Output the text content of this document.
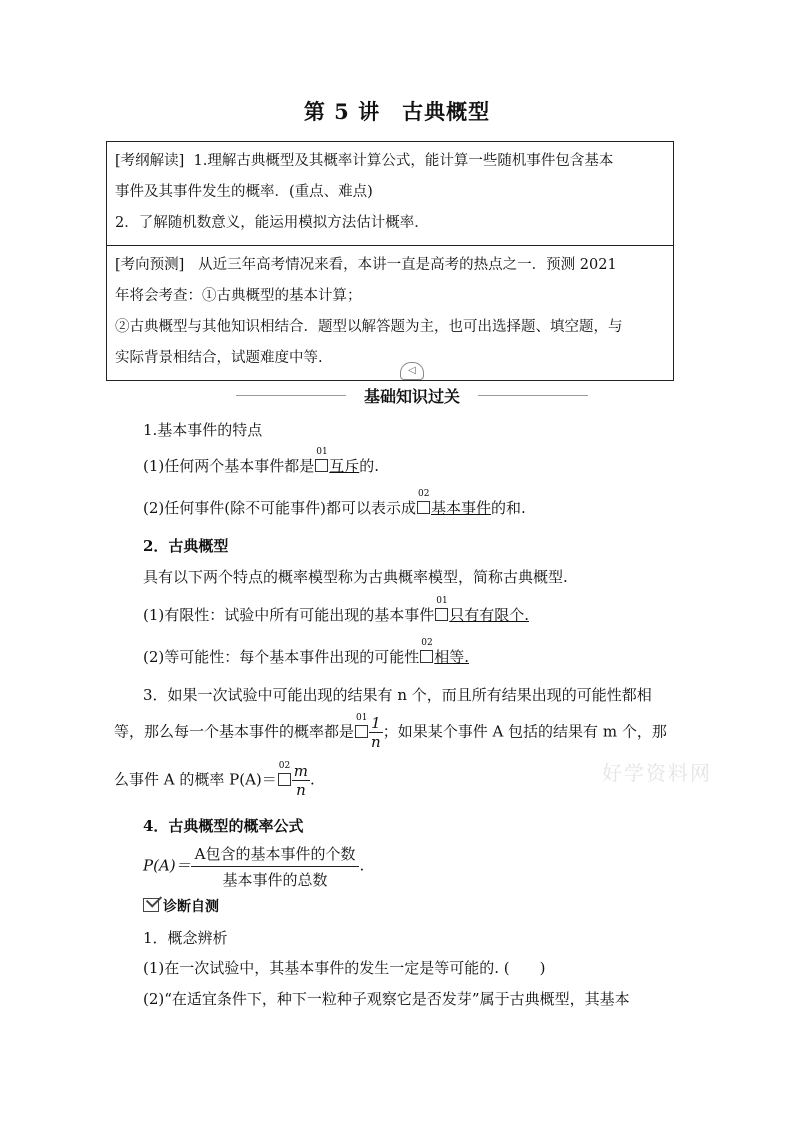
第 5 讲　古典概型
[考纲解读] 1.理解古典概型及其概率计算公式，能计算一些随机事件包含基本
事件及其事件发生的概率．(重点、难点)
2．了解随机数意义，能运用模拟方法估计概率．
[考向预测] 从近三年高考情况来看，本讲一直是高考的热点之一．预测 2021
年将会考查：①古典概型的基本计算；
②古典概型与其他知识相结合．题型以解答题为主，也可出选择题、填空题，与
实际背景相结合，试题难度中等.
◁
基础知识过关
1.基本事件的特点
(1)任何两个基本事件都是
01
互斥的.
(2)任何事件(除不可能事件)都可以表示成
02
基本事件的和.
2．古典概型
具有以下两个特点的概率模型称为古典概率模型，简称古典概型.
(1)有限性：试验中所有可能出现的基本事件
01
只有有限个.
(2)等可能性：每个基本事件出现的可能性
02
相等.
3．如果一次试验中可能出现的结果有 n 个，而且所有结果出现的可能性都相
等，那么每一个基本事件的概率都是
$01 \frac{1}{n}$ ；如果某个事件 A 包括的结果有 m 个，那
么事件 A 的概率 P(A)＝
$02 \frac{m}{n}$ .	好学资料网
4．古典概型的概率公式
$P(A)= \frac{\text{A包含的基本事件的个数}}{\text{基本事件的总数}}$ .
诊断自测
1．概念辨析
(1)在一次试验中，其基本事件的发生一定是等可能的. (　　)
(2)“在适宜条件下，种下一粒种子观察它是否发芽”属于古典概型，其基本
